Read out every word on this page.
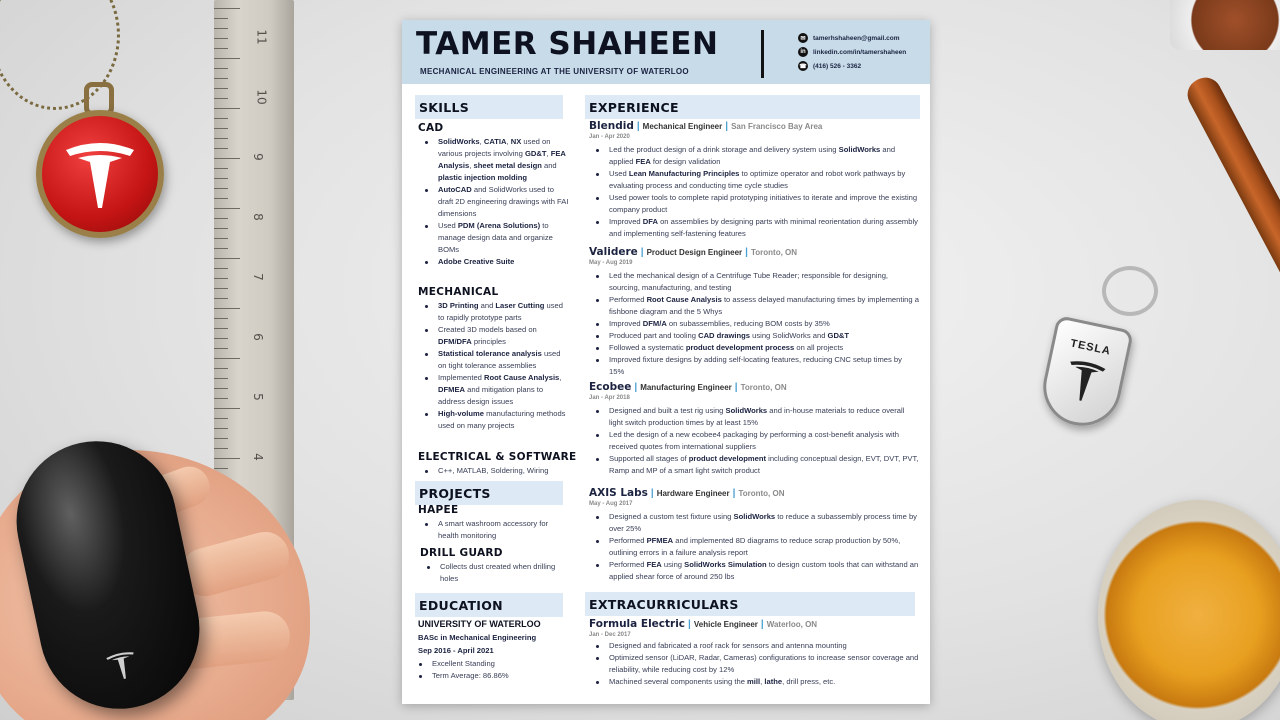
11
10
9
8
7
6
5
4
TESLA
TAMER SHAHEEN
MECHANICAL ENGINEERING AT THE UNIVERSITY OF WATERLOO
✉	tamerhshaheen@gmail.com
in	linkedin.com/in/tamershaheen
☎ (416) 526 - 3362
SKILLS
CAD
SolidWorks, CATIA, NX used on various projects involving GD&T, FEA Analysis, sheet metal design and plastic injection molding
AutoCAD and SolidWorks used to draft 2D engineering drawings with FAI dimensions
Used PDM (Arena Solutions) to manage design data and organize BOMs
Adobe Creative Suite
MECHANICAL
3D Printing and Laser Cutting used to rapidly prototype parts
Created 3D models based on DFM/DFA principles
Statistical tolerance analysis used on tight tolerance assemblies
Implemented Root Cause Analysis, DFMEA and mitigation plans to address design issues
High-volume manufacturing methods used on many projects
ELECTRICAL & SOFTWARE
C++, MATLAB, Soldering, Wiring
PROJECTS
HAPEE
A smart washroom accessory for health monitoring
DRILL GUARD
Collects dust created when drilling holes
EDUCATION
UNIVERSITY OF WATERLOO
BASc in Mechanical Engineering
Sep 2016 - April 2021
Excellent Standing
Term Average: 86.86%
EXPERIENCE
Blendid | Mechanical Engineer | San Francisco Bay Area
Jan - Apr 2020
Led the product design of a drink storage and delivery system using SolidWorks and applied FEA for design validation
Used Lean Manufacturing Principles to optimize operator and robot work pathways by evaluating process and conducting time cycle studies
Used power tools to complete rapid prototyping initiatives to iterate and improve the existing company product
Improved DFA on assemblies by designing parts with minimal reorientation during assembly and implementing self-fastening features
Validere | Product Design Engineer | Toronto, ON
May - Aug 2019
Led the mechanical design of a Centrifuge Tube Reader; responsible for designing, sourcing, manufacturing, and testing
Performed Root Cause Analysis to assess delayed manufacturing times by implementing a fishbone diagram and the 5 Whys
Improved DFM/A on subassemblies, reducing BOM costs by 35%
Produced part and tooling CAD drawings using SolidWorks and GD&T
Followed a systematic product development process on all projects
Improved fixture designs by adding self-locating features, reducing CNC setup times by 15%
Ecobee | Manufacturing Engineer | Toronto, ON
Jan - Apr 2018
Designed and built a test rig using SolidWorks and in-house materials to reduce overall light switch production times by at least 15%
Led the design of a new ecobee4 packaging by performing a cost-benefit analysis with received quotes from international suppliers
Supported all stages of product development including conceptual design, EVT, DVT, PVT, Ramp and MP of a smart light switch product
AXIS Labs | Hardware Engineer | Toronto, ON
May - Aug 2017
Designed a custom test fixture using SolidWorks to reduce a subassembly process time by over 25%
Performed PFMEA and implemented 8D diagrams to reduce scrap production by 50%, outlining errors in a failure analysis report
Performed FEA using SolidWorks Simulation to design custom tools that can withstand an applied shear force of around 250 lbs
EXTRACURRICULARS
Formula Electric | Vehicle Engineer | Waterloo, ON
Jan - Dec 2017
Designed and fabricated a roof rack for sensors and antenna mounting
Optimized sensor (LiDAR, Radar, Cameras) configurations to increase sensor coverage and reliability, while reducing cost by 12%
Machined several components using the mill, lathe, drill press, etc.
